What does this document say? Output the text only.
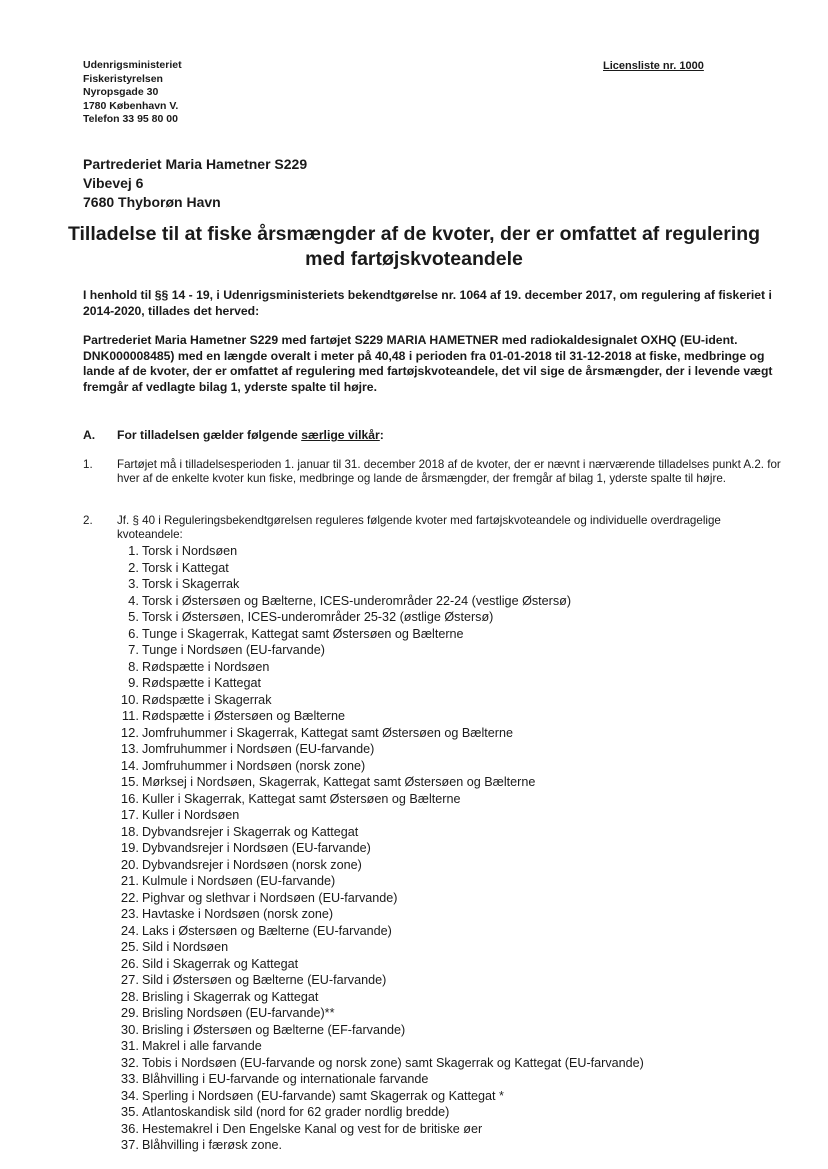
Udenrigsministeriet
Fiskeristyrelsen
Nyropsgade 30
1780 København V.
Telefon 33 95 80 00
Licensliste nr. 1000
Partrederiet Maria Hametner S229
Vibevej 6
7680 Thyborøn Havn
Tilladelse til at fiske årsmængder af de kvoter, der er omfattet af regulering med fartøjskvoteandele
I henhold til §§ 14 - 19, i Udenrigsministeriets bekendtgørelse nr. 1064 af 19. december 2017, om regulering af fiskeriet i 2014-2020, tillades det herved:
Partrederiet Maria Hametner S229 med fartøjet S229 MARIA HAMETNER med radiokaldesignalet OXHQ (EU-ident. DNK000008485) med en længde overalt i meter på 40,48 i perioden fra 01-01-2018 til 31-12-2018 at fiske, medbringe og lande af de kvoter, der er omfattet af regulering med fartøjskvoteandele, det vil sige de årsmængder, der i levende vægt fremgår af vedlagte bilag 1, yderste spalte til højre.
A. For tilladelsen gælder følgende særlige vilkår:
1. Fartøjet må i tilladelsesperioden 1. januar til 31. december 2018 af de kvoter, der er nævnt i nærværende tilladelses punkt A.2. for hver af de enkelte kvoter kun fiske, medbringe og lande de årsmængder, der fremgår af bilag 1, yderste spalte til højre.
2. Jf. § 40 i Reguleringsbekendtgørelsen reguleres følgende kvoter med fartøjskvoteandele og individuelle overdragelige kvoteandele:
1. Torsk i Nordsøen
2. Torsk i Kattegat
3. Torsk i Skagerrak
4. Torsk i Østersøen og Bælterne, ICES-underområder 22-24 (vestlige Østersø)
5. Torsk i Østersøen, ICES-underområder 25-32 (østlige Østersø)
6. Tunge i Skagerrak, Kattegat samt Østersøen og Bælterne
7. Tunge i Nordsøen (EU-farvande)
8. Rødspætte i Nordsøen
9. Rødspætte i Kattegat
10. Rødspætte i Skagerrak
11. Rødspætte i Østersøen og Bælterne
12. Jomfruhummer i Skagerrak, Kattegat samt Østersøen og Bælterne
13. Jomfruhummer i Nordsøen (EU-farvande)
14. Jomfruhummer i Nordsøen (norsk zone)
15. Mørksej i Nordsøen, Skagerrak, Kattegat samt Østersøen og Bælterne
16. Kuller i Skagerrak, Kattegat samt Østersøen og Bælterne
17. Kuller i Nordsøen
18. Dybvandsrejer i Skagerrak og Kattegat
19. Dybvandsrejer i Nordsøen (EU-farvande)
20. Dybvandsrejer i Nordsøen (norsk zone)
21. Kulmule i Nordsøen (EU-farvande)
22. Pighvar og slethvar i Nordsøen (EU-farvande)
23. Havtaske i Nordsøen (norsk zone)
24. Laks i Østersøen og Bælterne (EU-farvande)
25. Sild i Nordsøen
26. Sild i Skagerrak og Kattegat
27. Sild i Østersøen og Bælterne (EU-farvande)
28. Brisling i Skagerrak og Kattegat
29. Brisling Nordsøen (EU-farvande)**
30. Brisling i Østersøen og Bælterne (EF-farvande)
31. Makrel i alle farvande
32. Tobis i Nordsøen (EU-farvande og norsk zone) samt Skagerrak og Kattegat (EU-farvande)
33. Blåhvilling i EU-farvande og internationale farvande
34. Sperling i Nordsøen (EU-farvande) samt Skagerrak og Kattegat *
35. Atlantoskandisk sild (nord for 62 grader nordlig bredde)
36. Hestemakrel i Den Engelske Kanal og vest for de britiske øer
37. Blåhvilling i færøsk zone.
